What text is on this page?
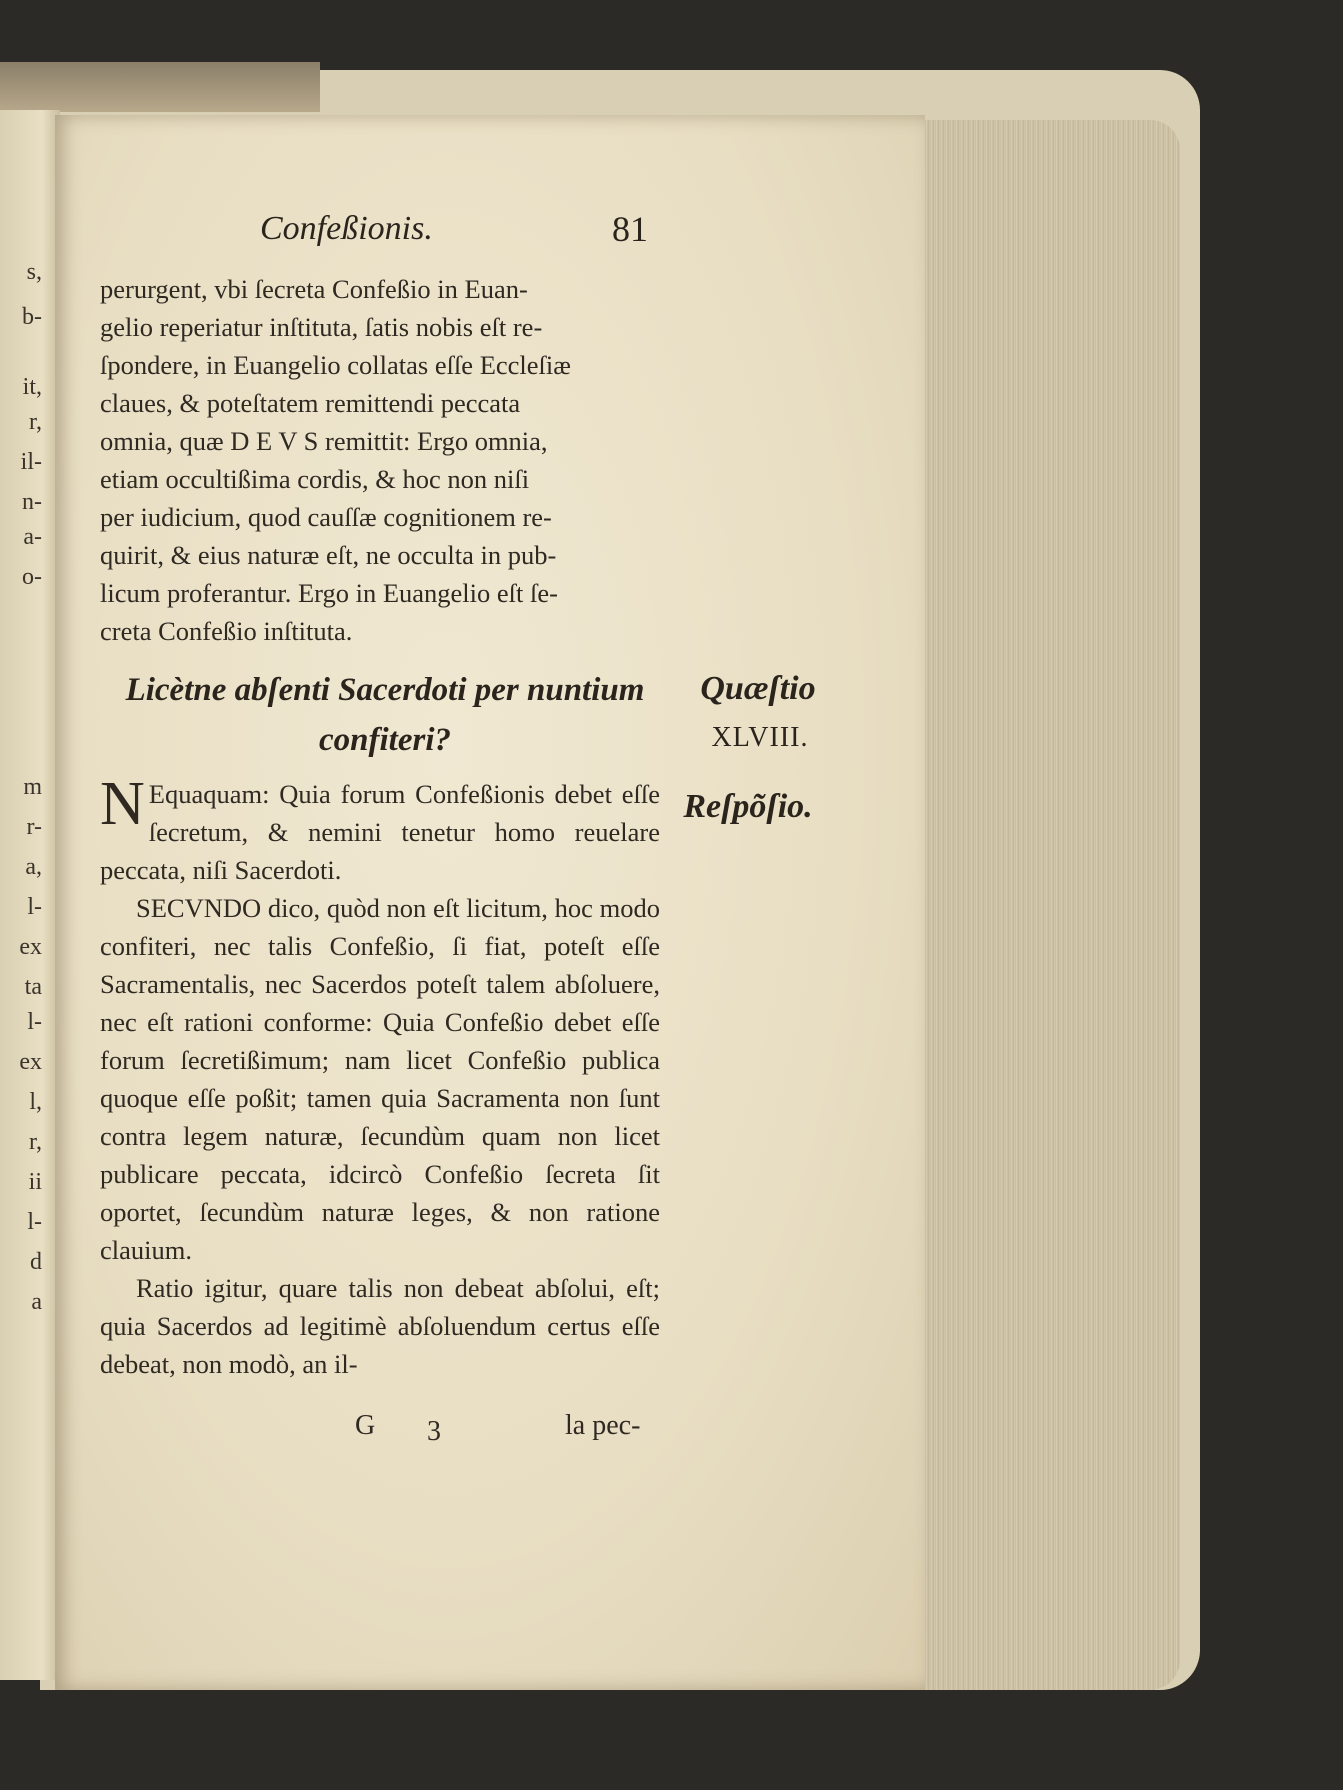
s,
b-
it,
r,
il-
n-
a-
o-
m
r-
a,
l-
ex
ta
l-
ex
l,
r,
ii
l-
d
a
Confeßionis.	81
perurgent, vbi ſecreta Confeßio in Euan-
gelio reperiatur inſtituta, ſatis nobis eſt re-
ſpondere, in Euangelio collatas eſſe Eccleſiæ
claues, & poteſtatem remittendi peccata
omnia, quæ D E V S remittit: Ergo omnia,
etiam occultißima cordis, & hoc non niſi
per iudicium, quod cauſſæ cognitionem re-
quirit, & eius naturæ eſt, ne occulta in pub-
licum proferantur. Ergo in Euangelio eſt ſe-
creta Confeßio inſtituta.
Licètne abſenti Sacerdoti per nuntium confiteri?
Quæſtio
XLVIII.
Reſpõſio.

N Equaquam: Quia forum Confeßionis debet eſſe ſecretum, & nemini tenetur homo reuelare peccata, niſi Sacerdoti.

SECVNDO dico, quòd non eſt licitum, hoc modo confiteri, nec talis Confeßio, ſi fiat, poteſt eſſe Sacramentalis, nec Sacerdos poteſt talem abſoluere, nec eſt rationi conforme: Quia Confeßio debet eſſe forum ſecretißimum; nam licet Confeßio publica quoque eſſe poßit; tamen quia Sacramenta non ſunt contra legem naturæ, ſecundùm quam non licet publicare peccata, idcircò Confeßio ſecreta ſit oportet, ſecundùm naturæ leges, & non ratione clauium.

Ratio igitur, quare talis non debeat abſolui, eſt; quia Sacerdos ad legitimè abſoluendum certus eſſe debeat, non modò, an il-

G 3	la pec-
